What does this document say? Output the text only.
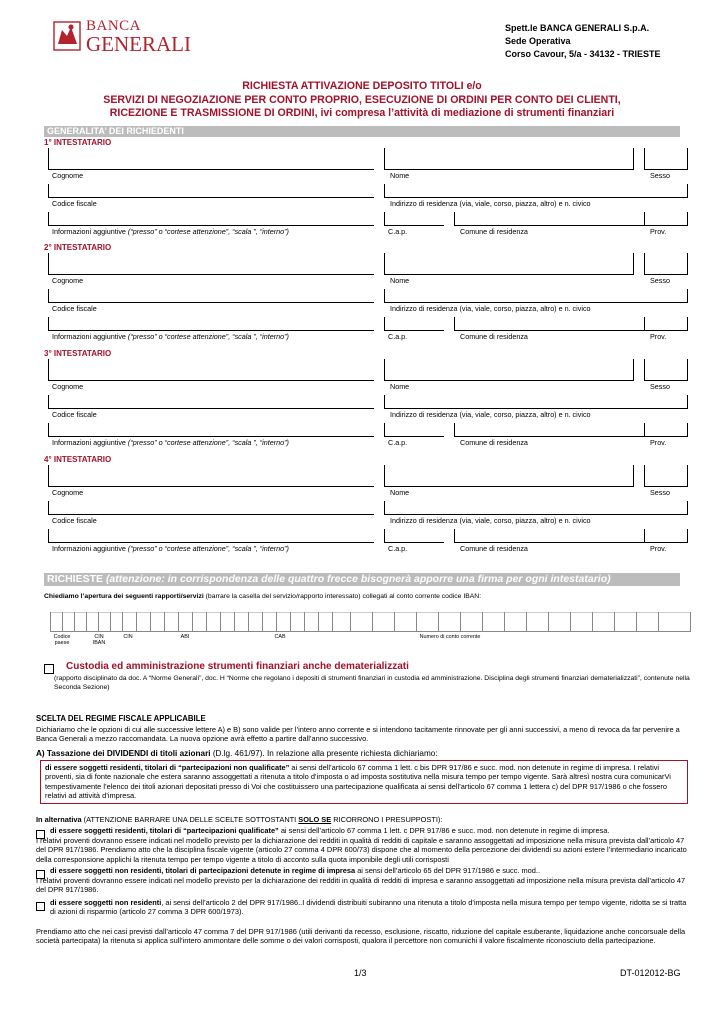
BANCA
GENERALI
Spett.le BANCA GENERALI S.p.A.
Sede Operativa
Corso Cavour, 5/a - 34132 - TRIESTE
RICHIESTA ATTIVAZIONE DEPOSITO TITOLI e/o
SERVIZI DI NEGOZIAZIONE PER CONTO PROPRIO, ESECUZIONE DI ORDINI PER CONTO DEI CLIENTI,
RICEZIONE E TRASMISSIONE DI ORDINI, ivi compresa l’attività di mediazione di strumenti finanziari
GENERALITA’ DEI RICHIEDENTI
1° INTESTATARIO
Cognome	Nome	Sesso
Codice fiscale	Indirizzo di residenza (via, viale, corso, piazza, altro) e n. civico
Informazioni aggiuntive (“presso” o “cortese attenzione”, “scala ”, “interno”)	C.a.p.	Comune di residenza	Prov.
2° INTESTATARIO
Cognome	Nome	Sesso
Codice fiscale	Indirizzo di residenza (via, viale, corso, piazza, altro) e n. civico
Informazioni aggiuntive (“presso” o “cortese attenzione”, “scala ”, “interno”)	C.a.p.	Comune di residenza	Prov.
3° INTESTATARIO
Cognome	Nome	Sesso
Codice fiscale	Indirizzo di residenza (via, viale, corso, piazza, altro) e n. civico
Informazioni aggiuntive (“presso” o “cortese attenzione”, “scala ”, “interno”)	C.a.p.	Comune di residenza	Prov.
4° INTESTATARIO
Cognome	Nome	Sesso
Codice fiscale	Indirizzo di residenza (via, viale, corso, piazza, altro) e n. civico
Informazioni aggiuntive (“presso” o “cortese attenzione”, “scala ”, “interno”)	C.a.p.	Comune di residenza	Prov.
RICHIESTE (attenzione: in corrispondenza delle quattro frecce bisognerà apporre una firma per ogni intestatario)
Chiediamo l’apertura dei seguenti rapporti/servizi (barrare la casella del servizio/rapporto interessato) collegati al conto corrente codice IBAN:
Codice paese
CIN IBAN
CIN	ABI	CAB	Numero di conto corrente
Custodia ed amministrazione strumenti finanziari anche dematerializzati
(rapporto disciplinato da doc. A “Norme Generali”, doc. H “Norme che regolano i depositi di strumenti finanziari in custodia ed amministrazione. Disciplina degli strumenti finanziari dematerializzati”, contenute nella Seconda Sezione)
SCELTA DEL REGIME FISCALE APPLICABILE
Dichiariamo che le opzioni di cui alle successive lettere A) e B) sono valide per l’intero anno corrente e si intendono tacitamente rinnovate per gli anni successivi, a meno di revoca da far pervenire a Banca Generali a mezzo raccomandata. La nuova opzione avrà effetto a partire dall’anno successivo.
A) Tassazione dei DIVIDENDI di titoli azionari (D.lg. 461/97). In relazione alla presente richiesta dichiariamo:
di essere soggetti residenti, titolari di “partecipazioni non qualificate” ai sensi dell’articolo 67 comma 1 lett. c bis DPR 917/86 e succ. mod. non detenute in regime di impresa. I relativi proventi, sia di fonte nazionale che estera saranno assoggettati a ritenuta a titolo d’imposta o ad imposta sostitutiva nella misura tempo per tempo vigente. Sarà altresì nostra cura comunicarVi tempestivamente l’elenco dei titoli azionari depositati presso di Voi che costituissero una partecipazione qualificata ai sensi dell’articolo 67 comma 1 lettera c) del DPR 917/1986 o che fossero relativi ad attività d’impresa.
In alternativa (ATTENZIONE BARRARE UNA DELLE SCELTE SOTTOSTANTI SOLO SE RICORRONO I PRESUPPOSTI):
di essere soggetti residenti, titolari di “partecipazioni qualificate” ai sensi dell’articolo 67 comma 1 lett. c DPR 917/86 e succ. mod. non detenute in regime di impresa.
I relativi proventi dovranno essere indicati nel modello previsto per la dichiarazione dei redditi in qualità di redditi di capitale e saranno assoggettati ad imposizione nella misura prevista dall’articolo 47 del DPR 917/1986. Prendiamo atto che la disciplina fiscale vigente (articolo 27 comma 4 DPR 600/73) dispone che al momento della percezione dei dividendi su azioni estere l’intermediario incaricato della corresponsione applichi la ritenuta tempo per tempo vigente a titolo di acconto sulla quota imponibile degli utili corrisposti
di essere soggetti non residenti, titolari di partecipazioni detenute in regime di impresa ai sensi dell’articolo 65 del DPR 917/1986 e succ. mod..
I relativi proventi dovranno essere indicati nel modello previsto per la dichiarazione dei redditi in qualità di redditi di impresa e saranno assoggettati ad imposizione nella misura prevista dall’articolo 47 del DPR 917/1986.
di essere soggetti non residenti, ai sensi dell’articolo 2 del DPR 917/1986..I dividendi distribuiti subiranno una ritenuta a titolo d’imposta nella misura tempo per tempo vigente, ridotta se si tratta di azioni di risparmio (articolo 27 comma 3 DPR 600/1973).
Prendiamo atto che nei casi previsti dall’articolo 47 comma 7 del DPR 917/1986 (utili derivanti da recesso, esclusione, riscatto, riduzione del capitale esuberante, liquidazione anche concorsuale della società partecipata) la ritenuta si applica sull’intero ammontare delle somme o dei valori corrisposti, qualora il percettore non comunichi il valore fiscalmente riconosciuto della partecipazione.
1/3	DT-012012-BG
